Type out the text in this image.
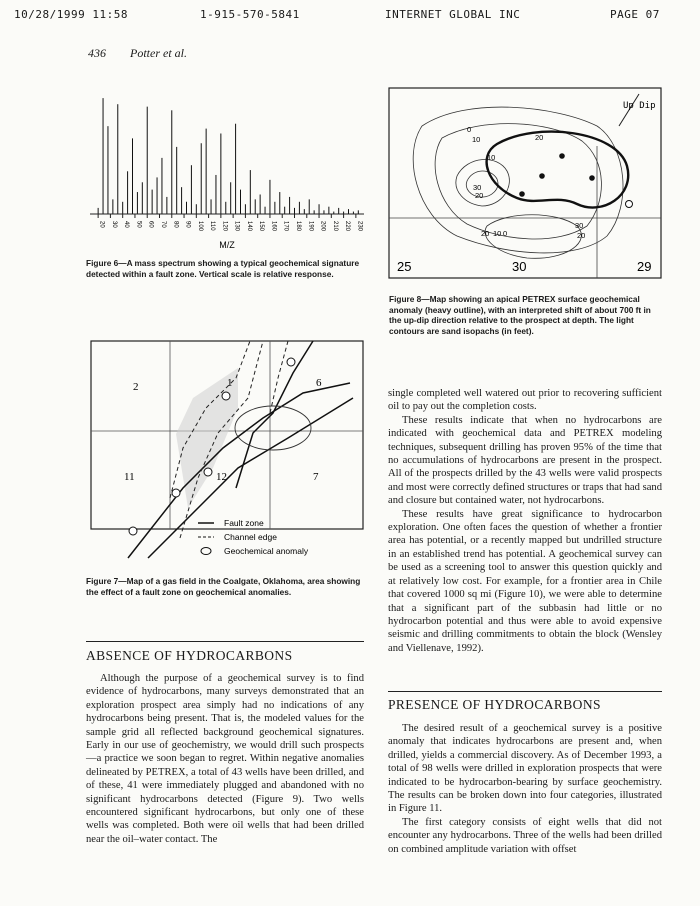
10/28/1999 11:58	1-915-570-5841	INTERNET GLOBAL INC	PAGE 07
436 Potter et al.
20 30 40 50 60 70 80 90 100 110 120 130 140 150 160 170 180 190 200 210 220 230
M/Z
Figure 6—A mass spectrum showing a typical geochemical signature detected within a fault zone. Vertical scale is relative response.
2	1	6
11	12	7
Fault zone
Channel edge
Geochemical anomaly
Figure 7—Map of a gas field in the Coalgate, Oklahoma, area showing the effect of a fault zone on geochemical anomalies.
Up Dip
0
10	20
10
30
20
20 10 0
30
20
25	30	29
Figure 8—Map showing an apical PETREX surface geochemical anomaly (heavy outline), with an interpreted shift of about 700 ft in the up-dip direction relative to the prospect at depth. The light contours are sand isopachs (in feet).
ABSENCE OF HYDROCARBONS

Although the purpose of a geochemical survey is to find evidence of hydrocarbons, many surveys demonstrated that an exploration prospect area simply had no indications of any hydrocarbons being present. That is, the modeled values for the sample grid all reflected background geochemical signatures. Early in our use of geochemistry, we would drill such prospects—a practice we soon began to regret. Within negative anomalies delineated by PETREX, a total of 43 wells have been drilled, and of these, 41 were immediately plugged and abandoned with no significant hydrocarbons detected (Figure 9). Two wells encountered significant hydrocarbons, but only one of these wells was completed. Both were oil wells that had been drilled near the oil–water contact. The

single completed well watered out prior to recovering sufficient oil to pay out the completion costs.

These results indicate that when no hydrocarbons are indicated with geochemical data and PETREX modeling techniques, subsequent drilling has proven 95% of the time that no accumulations of hydrocarbons are present in the prospect. All of the prospects drilled by the 43 wells were valid prospects and most were correctly defined structures or traps that had sand and closure but contained water, not hydrocarbons.

These results have great significance to hydrocarbon exploration. One often faces the question of whether a frontier area has potential, or a recently mapped but undrilled structure in an established trend has potential. A geochemical survey can be used as a screening tool to answer this question quickly and at relatively low cost. For example, for a frontier area in Chile that covered 1000 sq mi (Figure 10), we were able to determine that a significant part of the subbasin had little or no hydrocarbon potential and thus were able to avoid expensive seismic and drilling commitments to obtain the block (Wensley and Viellenave, 1992).

PRESENCE OF HYDROCARBONS

The desired result of a geochemical survey is a positive anomaly that indicates hydrocarbons are present and, when drilled, yields a commercial discovery. As of December 1993, a total of 98 wells were drilled in exploration prospects that were indicated to be hydrocarbon-bearing by surface geochemistry. The results can be broken down into four categories, illustrated in Figure 11.

The first category consists of eight wells that did not encounter any hydrocarbons. Three of the wells had been drilled on combined amplitude variation with offset
